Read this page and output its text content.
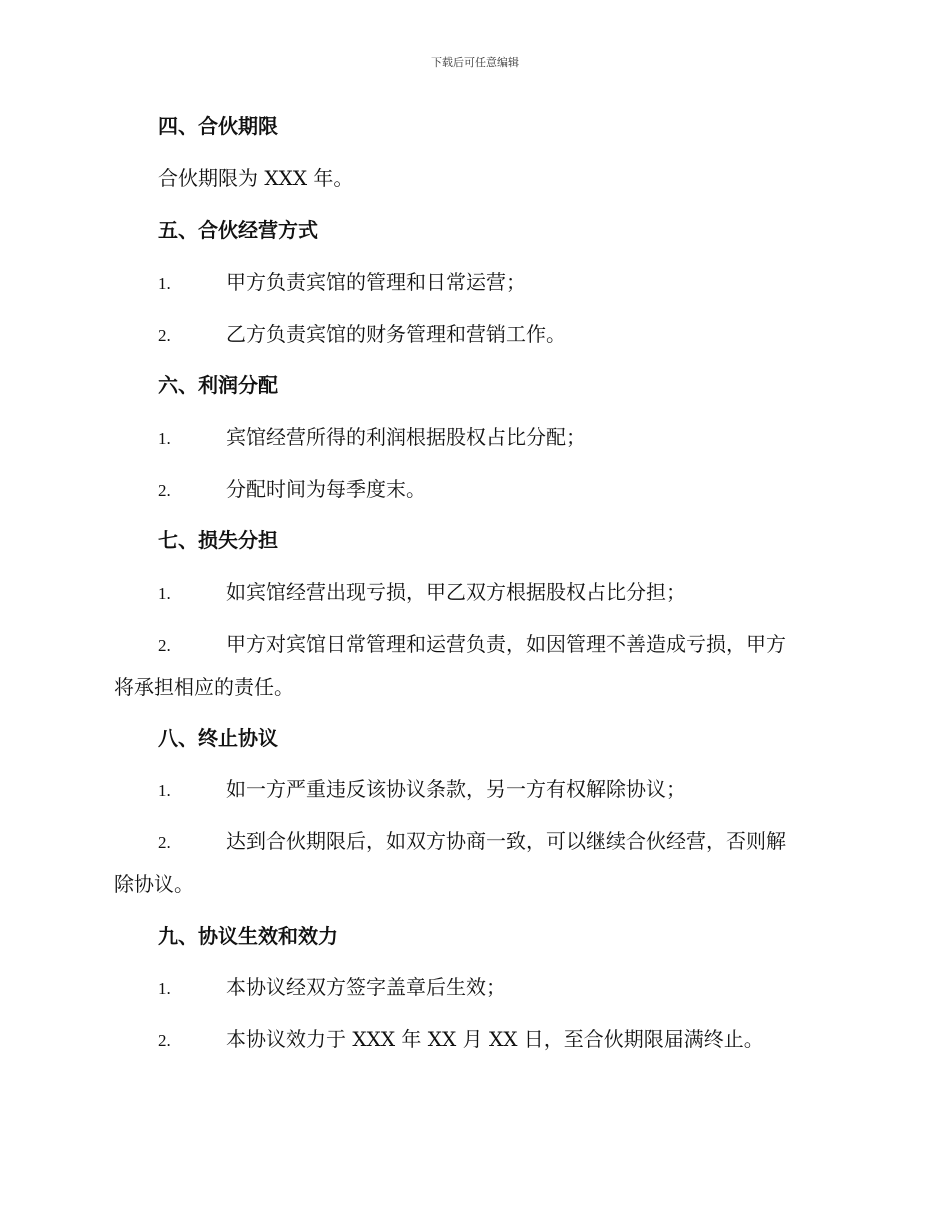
下载后可任意编辑
四、合伙期限
合伙期限为 XXX 年。
五、合伙经营方式
1.	甲方负责宾馆的管理和日常运营；
2.	乙方负责宾馆的财务管理和营销工作。
六、利润分配
1.	宾馆经营所得的利润根据股权占比分配；
2.	分配时间为每季度末。
七、损失分担
1.	如宾馆经营出现亏损，甲乙双方根据股权占比分担；
2.	甲方对宾馆日常管理和运营负责，如因管理不善造成亏损，甲方
将承担相应的责任。
八、终止协议
1.	如一方严重违反该协议条款，另一方有权解除协议；
2.	达到合伙期限后，如双方协商一致，可以继续合伙经营，否则解
除协议。
九、协议生效和效力
1.	本协议经双方签字盖章后生效；
2.	本协议效力于 XXX 年 XX 月 XX 日，至合伙期限届满终止。
